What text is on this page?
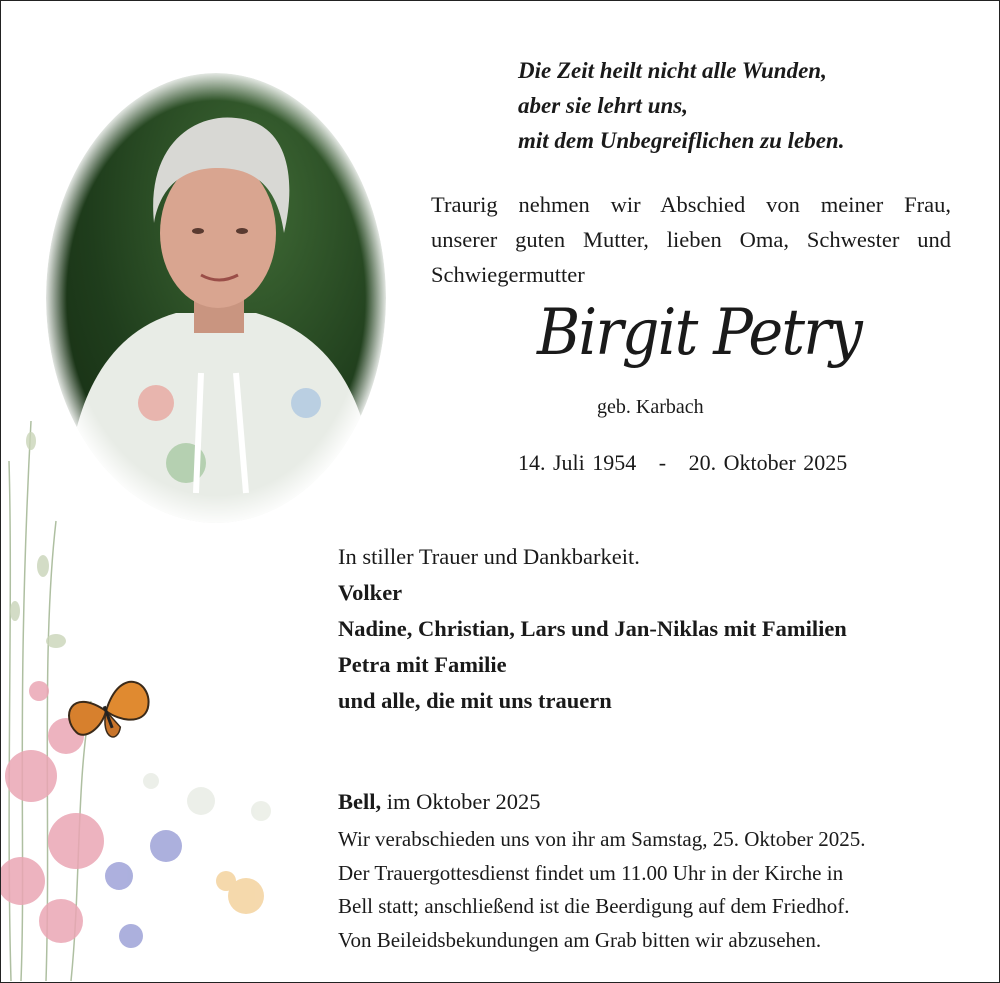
Die Zeit heilt nicht alle Wunden,
aber sie lehrt uns,
mit dem Unbegreiflichen zu leben.
Traurig nehmen wir Abschied von meiner Frau,
unserer guten Mutter, lieben Oma, Schwester und
Schwiegermutter
Birgit Petry
geb. Karbach
14. Juli 1954 - 20. Oktober 2025
In stiller Trauer und Dankbarkeit.
Volker
Nadine, Christian, Lars und Jan-Niklas mit Familien
Petra mit Familie
und alle, die mit uns trauern
Bell, im Oktober 2025
Wir verabschieden uns von ihr am Samstag, 25. Oktober 2025.
Der Trauergottesdienst findet um 11.00 Uhr in der Kirche in
Bell statt; anschließend ist die Beerdigung auf dem Friedhof.
Von Beileidsbekundungen am Grab bitten wir abzusehen.
